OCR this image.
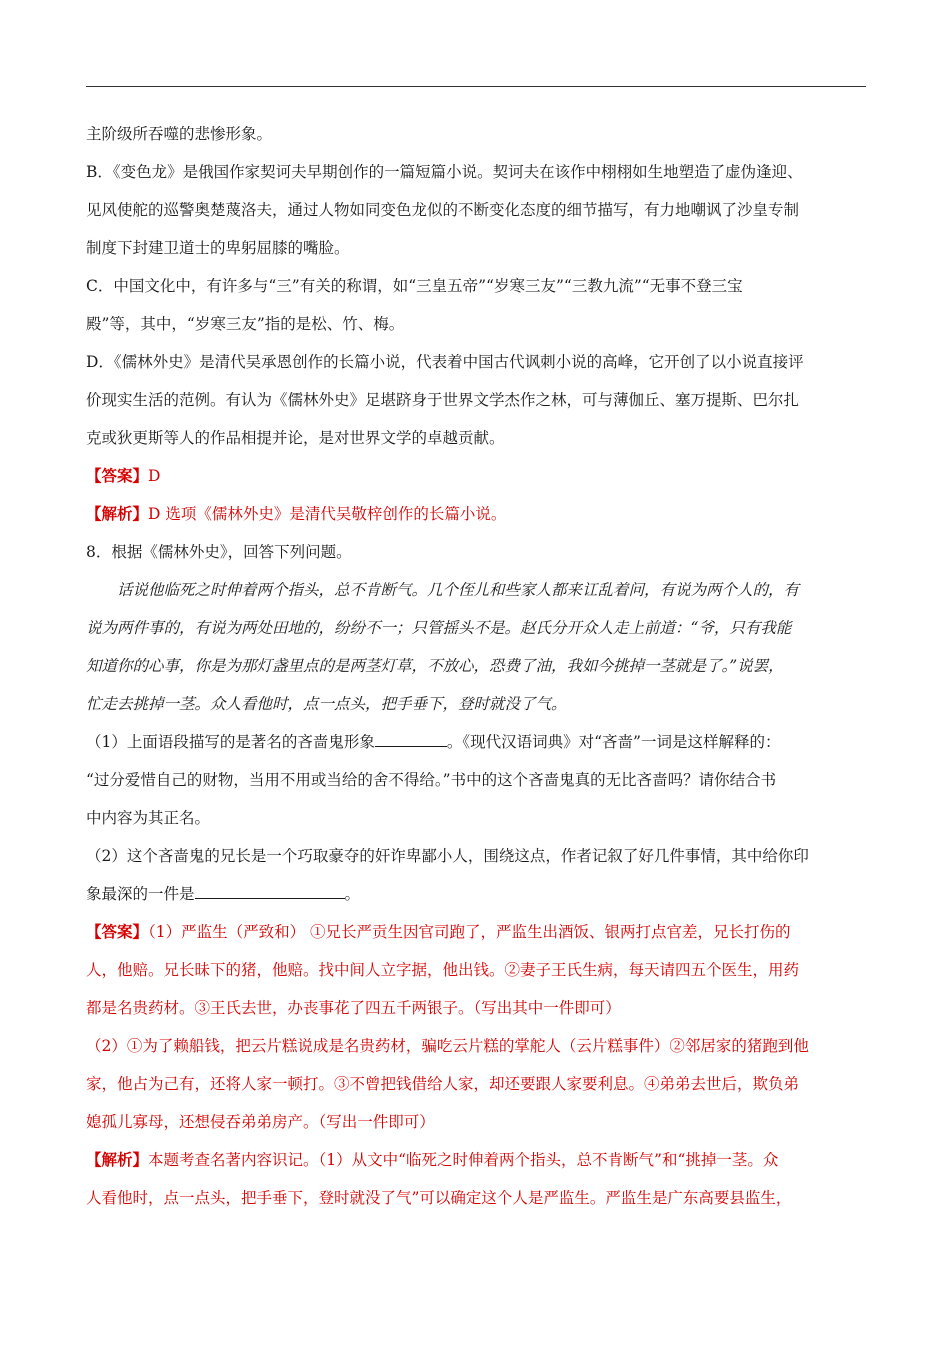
主阶级所吞噬的悲惨形象。
B．《变色龙》是俄国作家契诃夫早期创作的一篇短篇小说。契诃夫在该作中栩栩如生地塑造了虚伪逢迎、
见风使舵的巡警奥楚蔑洛夫，通过人物如同变色龙似的不断变化态度的细节描写，有力地嘲讽了沙皇专制
制度下封建卫道士的卑躬屈膝的嘴脸。
C．中国文化中，有许多与“三”有关的称谓，如“三皇五帝”“岁寒三友”“三教九流”“无事不登三宝
殿”等，其中，“岁寒三友”指的是松、竹、梅。
D．《儒林外史》是清代吴承恩创作的长篇小说，代表着中国古代讽刺小说的高峰，它开创了以小说直接评
价现实生活的范例。有认为《儒林外史》足堪跻身于世界文学杰作之林，可与薄伽丘、塞万提斯、巴尔扎
克或狄更斯等人的作品相提并论，是对世界文学的卓越贡献。
【答案】D
【解析】D 选项《儒林外史》是清代吴敬梓创作的长篇小说。
8．根据《儒林外史》，回答下列问题。
话说他临死之时伸着两个指头，总不肯断气。几个侄儿和些家人都来讧乱着问，有说为两个人的，有
说为两件事的，有说为两处田地的，纷纷不一；只管摇头不是。赵氏分开众人走上前道：“爷，只有我能
知道你的心事，你是为那灯盏里点的是两茎灯草，不放心，恐费了油，我如今挑掉一茎就是了。”说罢，
忙走去挑掉一茎。众人看他时，点一点头，把手垂下，登时就没了气。
（1）上面语段描写的是著名的吝啬鬼形象	。《现代汉语词典》对“吝啬”一词是这样解释的：
“过分爱惜自己的财物，当用不用或当给的舍不得给。”书中的这个吝啬鬼真的无比吝啬吗？请你结合书
中内容为其正名。
（2）这个吝啬鬼的兄长是一个巧取豪夺的奸诈卑鄙小人，围绕这点，作者记叙了好几件事情，其中给你印
象最深的一件是	。
【答案】（1）严监生（严致和） ①兄长严贡生因官司跑了，严监生出酒饭、银两打点官差，兄长打伤的
人，他赔。兄长昧下的猪，他赔。找中间人立字据，他出钱。②妻子王氏生病，每天请四五个医生，用药
都是名贵药材。③王氏去世，办丧事花了四五千两银子。（写出其中一件即可）
（2）①为了赖船钱，把云片糕说成是名贵药材，骗吃云片糕的掌舵人（云片糕事件）②邻居家的猪跑到他
家，他占为己有，还将人家一顿打。③不曾把钱借给人家，却还要跟人家要利息。④弟弟去世后，欺负弟
媳孤儿寡母，还想侵吞弟弟房产。（写出一件即可）
【解析】本题考查名著内容识记。（1）从文中“临死之时伸着两个指头，总不肯断气”和“挑掉一茎。众
人看他时，点一点头，把手垂下，登时就没了气”可以确定这个人是严监生。严监生是广东高要县监生，
